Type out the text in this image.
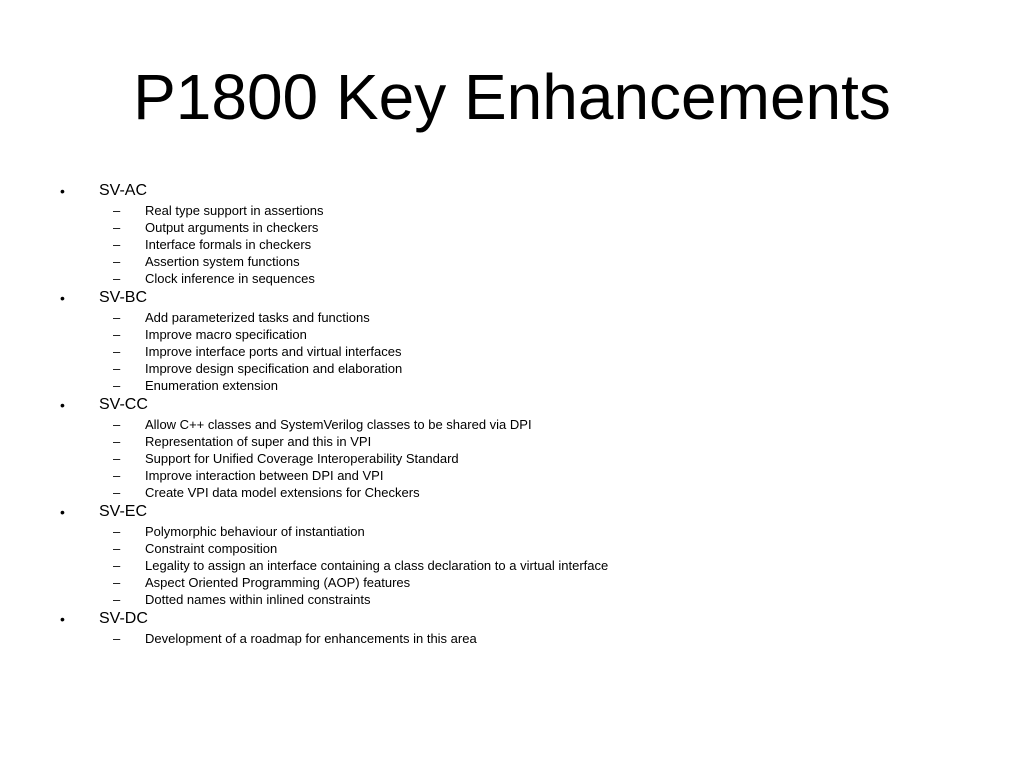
P1800 Key Enhancements
• SV-AC
– Real type support in assertions
– Output arguments in checkers
– Interface formals in checkers
– Assertion system functions
– Clock inference in sequences
• SV-BC
– Add parameterized tasks and functions
– Improve macro specification
– Improve interface ports and virtual interfaces
– Improve design specification and elaboration
– Enumeration extension
• SV-CC
– Allow C++ classes and SystemVerilog classes to be shared via DPI
– Representation of super and this in VPI
– Support for Unified Coverage Interoperability Standard
– Improve interaction between DPI and VPI
– Create VPI data model extensions for Checkers
• SV-EC
– Polymorphic behaviour of instantiation
– Constraint composition
– Legality to assign an interface containing a class declaration to a virtual interface
– Aspect Oriented Programming (AOP) features
– Dotted names within inlined constraints
• SV-DC
– Development of a roadmap for enhancements in this area
